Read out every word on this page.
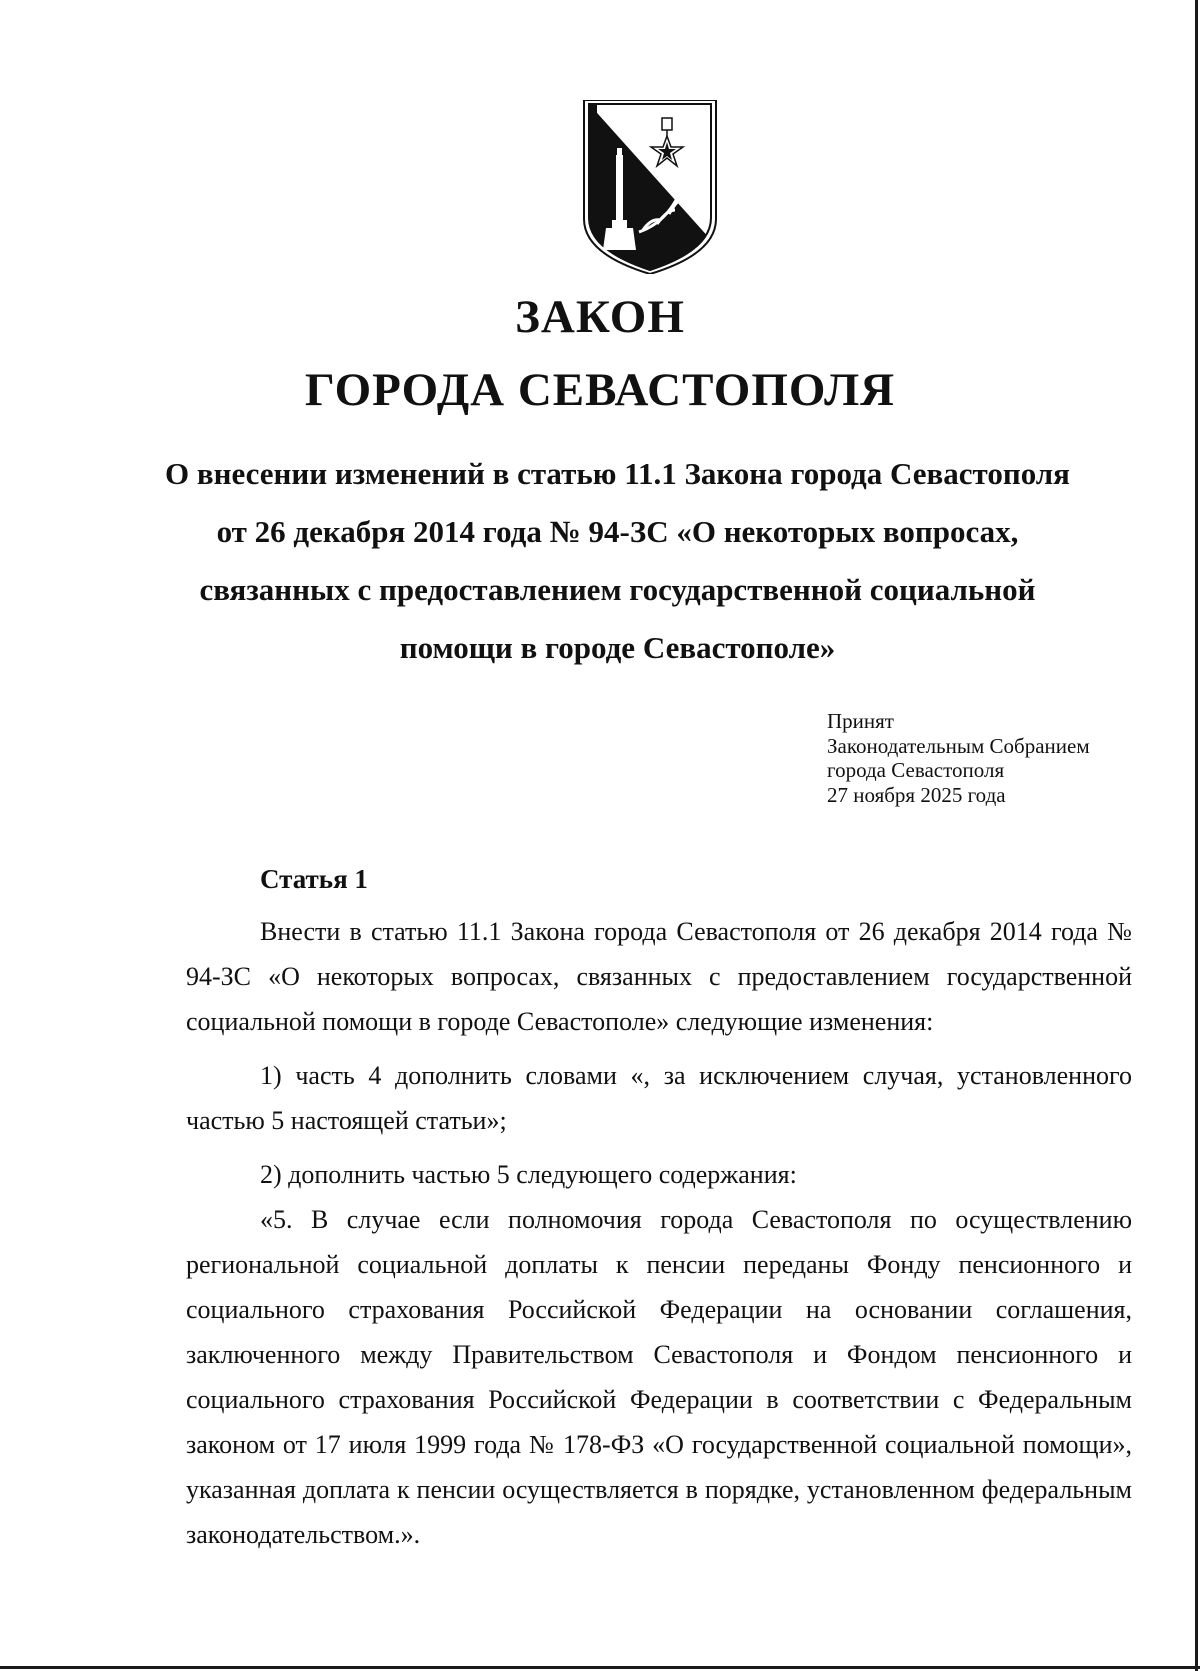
ЗАКОН
ГОРОДА СЕВАСТОПОЛЯ
О внесении изменений в статью 11.1 Закона города Севастополя
от 26 декабря 2014 года № 94-ЗС «О некоторых вопросах,
связанных с предоставлением государственной социальной
помощи в городе Севастополе»
Принят
Законодательным Собранием
города Севастополя
27 ноября 2025 года
Статья 1

Внести в статью 11.1 Закона города Севастополя от 26 декабря 2014 года № 94-ЗС «О некоторых вопросах, связанных с предоставлением государственной социальной помощи в городе Севастополе» следующие изменения:

1) часть 4 дополнить словами «, за исключением случая, установленного частью 5 настоящей статьи»;

2) дополнить частью 5 следующего содержания:

«5. В случае если полномочия города Севастополя по осуществлению региональной социальной доплаты к пенсии переданы Фонду пенсионного и социального страхования Российской Федерации на основании соглашения, заключенного между Правительством Севастополя и Фондом пенсионного и социального страхования Российской Федерации в соответствии с Федеральным законом от 17 июля 1999 года № 178-ФЗ «О государственной социальной помощи», указанная доплата к пенсии осуществляется в порядке, установленном федеральным законодательством.».
